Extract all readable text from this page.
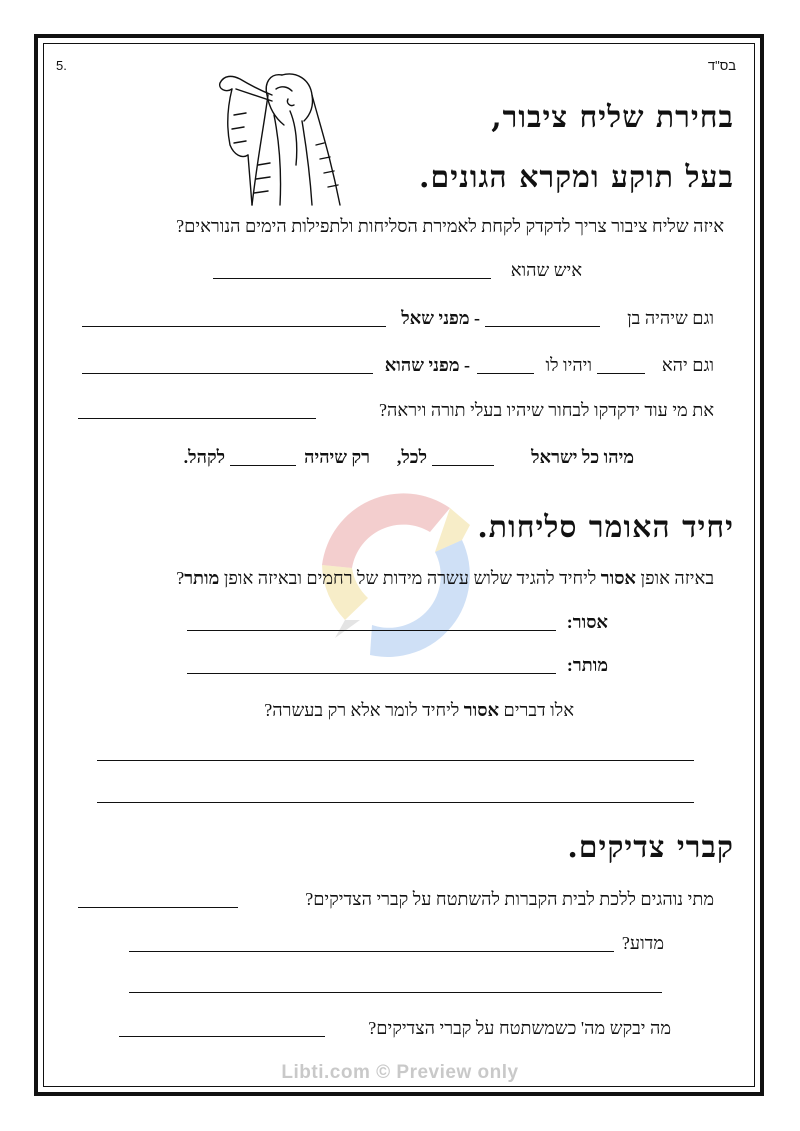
בס"ד
5.
בחירת שליח ציבור,
בעל תוקע ומקרא הגונים.
איזה שליח ציבור צריך לדקדק לקחת לאמירת הסליחות ולתפילות הימים הנוראים?
איש שהוא
וגם שיהיה בן
- מפני שאל
וגם יהא
ויהיו לו
- מפני שהוא
את מי עוד ידקדקו לבחור שיהיו בעלי תורה ויראה?
מיהו כל ישראל
לכל,
רק שיהיה
לקהל.
יחיד האומר סליחות.
באיזה אופן אסור ליחיד להגיד שלוש עשרה מידות של רחמים ובאיזה אופן מותר?
אסור:
מותר:
אלו דברים אסור ליחיד לומר אלא רק בעשרה?
קברי צדיקים.
מתי נוהגים ללכת לבית הקברות להשתטח על קברי הצדיקים?
מדוע?
מה יבקש מה' כשמשתטח על קברי הצדיקים?
Libti.com © Preview only
